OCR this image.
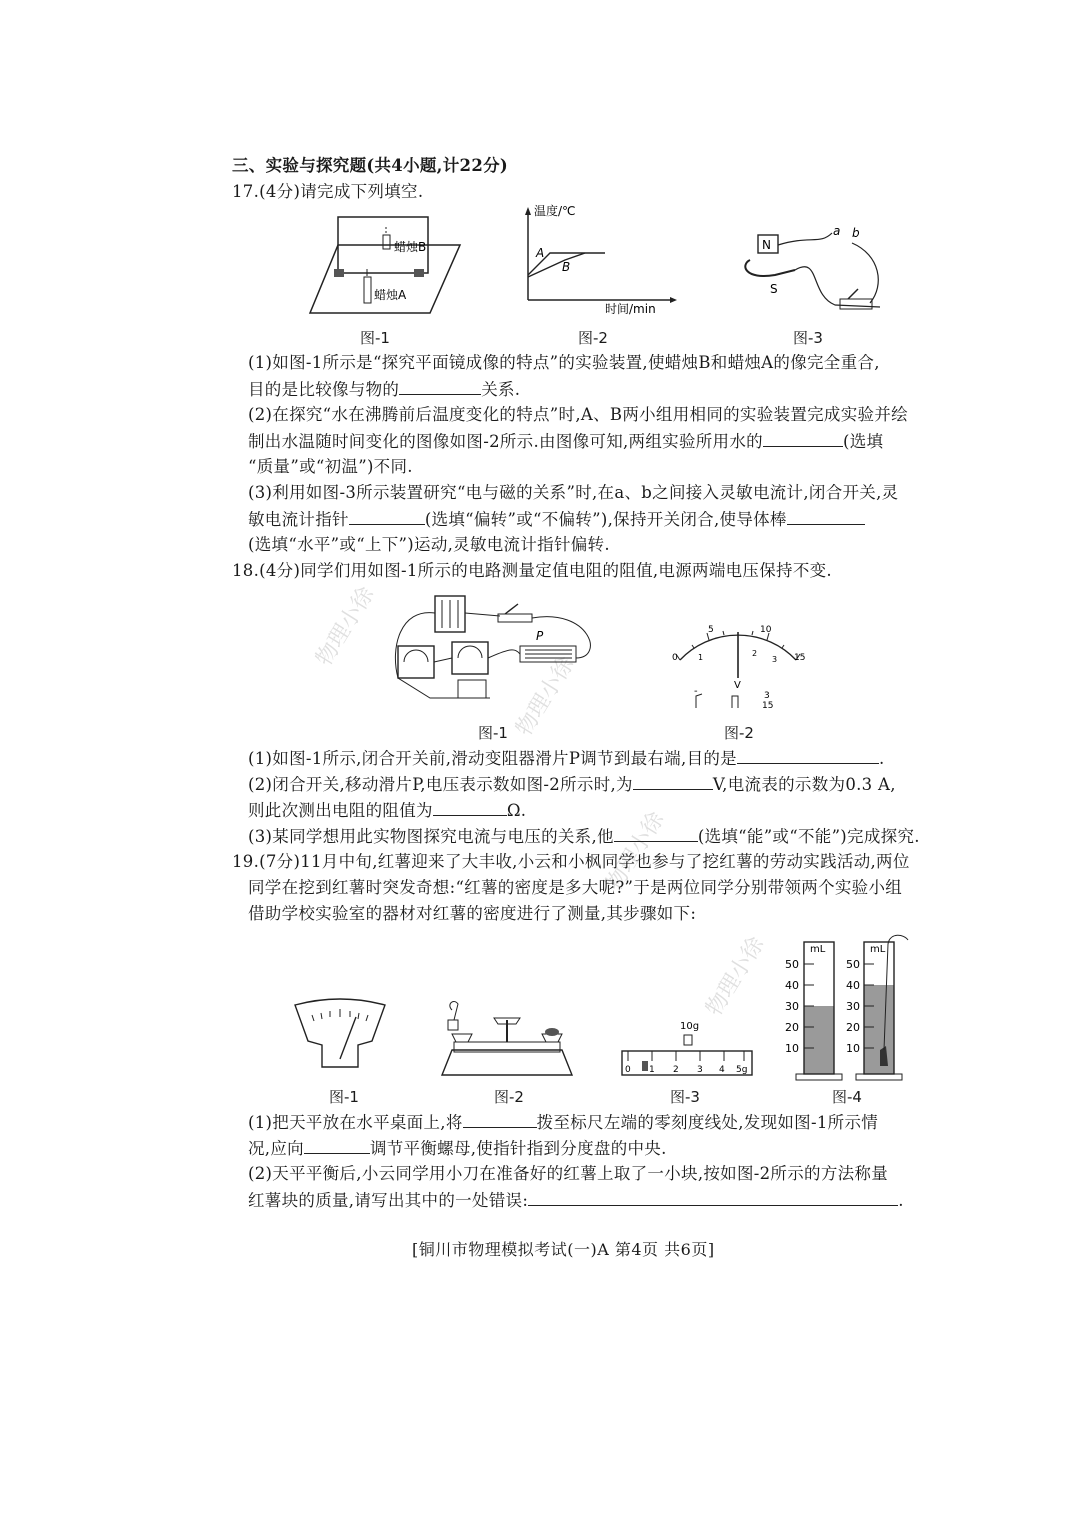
物理小徐
物理小徐
物理小徐
物理小徐
三、实验与探究题(共4小题,计22分)
17.(4分)请完成下列填空.
蜡烛B
蜡烛A
图-1
温度/℃
时间/min
A
B
图-2
N
S
a b
图-3
(1)如图-1所示是“探究平面镜成像的特点”的实验装置,使蜡烛B和蜡烛A的像完全重合,
目的是比较像与物的	关系.
(2)在探究“水在沸腾前后温度变化的特点”时,A、B两小组用相同的实验装置完成实验并绘
制出水温随时间变化的图像如图-2所示.由图像可知,两组实验所用水的	(选填
“质量”或“初温”)不同.
(3)利用如图-3所示装置研究“电与磁的关系”时,在a、b之间接入灵敏电流计,闭合开关,灵
敏电流计指针	(选填“偏转”或“不偏转”),保持开关闭合,使导体棒
(选填“水平”或“上下”)运动,灵敏电流计指针偏转.
18.(4分)同学们用如图-1所示的电路测量定值电阻的阻值,电源两端电压保持不变.
P
图-1
0
5	10
15
1	2
3
V
-	3
15
图-2
(1)如图-1所示,闭合开关前,滑动变阻器滑片P调节到最右端,目的是	.
(2)闭合开关,移动滑片P,电压表示数如图-2所示时,为	V,电流表的示数为0.3 A,
则此次测出电阻的阻值为	Ω.
(3)某同学想用此实物图探究电流与电压的关系,他	(选填“能”或“不能”)完成探究.
19.(7分)11月中旬,红薯迎来了大丰收,小云和小枫同学也参与了挖红薯的劳动实践活动,两位
同学在挖到红薯时突发奇想:“红薯的密度是多大呢?”于是两位同学分别带领两个实验小组
借助学校实验室的器材对红薯的密度进行了测量,其步骤如下:
图-1	图-2
10g
0 1 2 3 4 5g
图-3
mL	mL
50
40
30
20
10
50
40
30
20
10
图-4
(1)把天平放在水平桌面上,将	拨至标尺左端的零刻度线处,发现如图-1所示情
况,应向	调节平衡螺母,使指针指到分度盘的中央.
(2)天平平衡后,小云同学用小刀在准备好的红薯上取了一小块,按如图-2所示的方法称量
红薯块的质量,请写出其中的一处错误:	.
[铜川市物理模拟考试(一)A 第4页 共6页]
